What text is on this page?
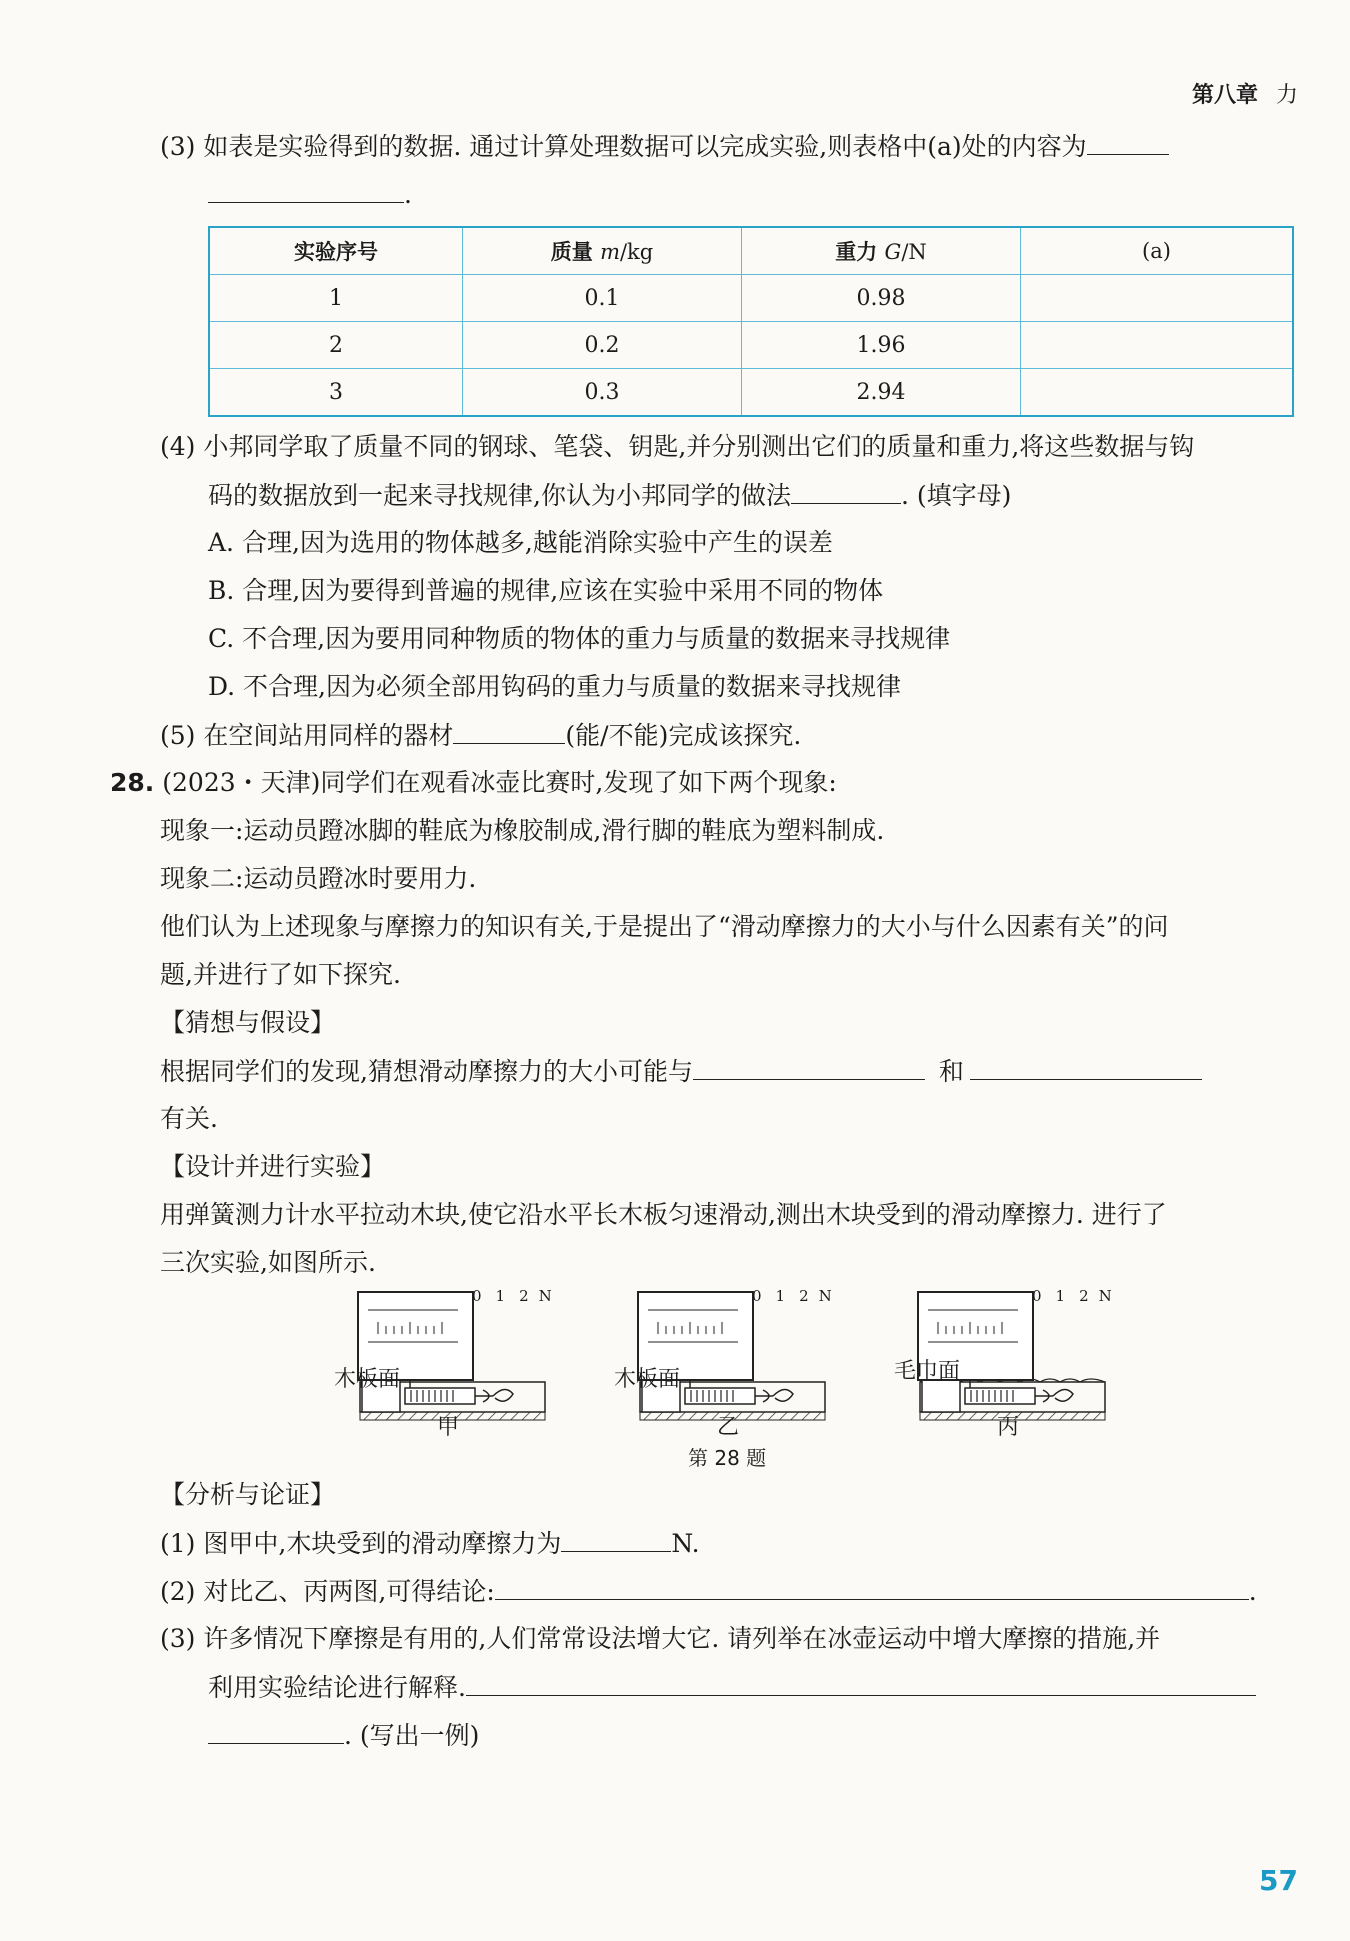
第八章 力
(3) 如表是实验得到的数据. 通过计算处理数据可以完成实验,则表格中(a)处的内容为
.
实验序号	质量 m/kg	重力 G/N	(a)
1	0.1	0.98	
2	0.2	1.96	
3	0.3	2.94	
(4) 小邦同学取了质量不同的钢球、笔袋、钥匙,并分别测出它们的质量和重力,将这些数据与钩
码的数据放到一起来寻找规律,你认为小邦同学的做法	. (填字母)
A. 合理,因为选用的物体越多,越能消除实验中产生的误差
B. 合理,因为要得到普遍的规律,应该在实验中采用不同的物体
C. 不合理,因为要用同种物质的物体的重力与质量的数据来寻找规律
D. 不合理,因为必须全部用钩码的重力与质量的数据来寻找规律
(5) 在空间站用同样的器材	(能/不能)完成该探究.
28. (2023・天津)同学们在观看冰壶比赛时,发现了如下两个现象:
现象一:运动员蹬冰脚的鞋底为橡胶制成,滑行脚的鞋底为塑料制成.
现象二:运动员蹬冰时要用力.
他们认为上述现象与摩擦力的知识有关,于是提出了“滑动摩擦力的大小与什么因素有关”的问
题,并进行了如下探究.
【猜想与假设】
根据同学们的发现,猜想滑动摩擦力的大小可能与	和
有关.
【设计并进行实验】
用弹簧测力计水平拉动木块,使它沿水平长木板匀速滑动,测出木块受到的滑动摩擦力. 进行了
三次实验,如图所示.
0 1 2 N	0 1 2 N	0 1 2 N
木板面	木板面	毛巾面
甲	乙	丙
第 28 题
【分析与论证】
(1) 图甲中,木块受到的滑动摩擦力为	N.
(2) 对比乙、丙两图,可得结论:	.
(3) 许多情况下摩擦是有用的,人们常常设法增大它. 请列举在冰壶运动中增大摩擦的措施,并
利用实验结论进行解释.
. (写出一例)
57
